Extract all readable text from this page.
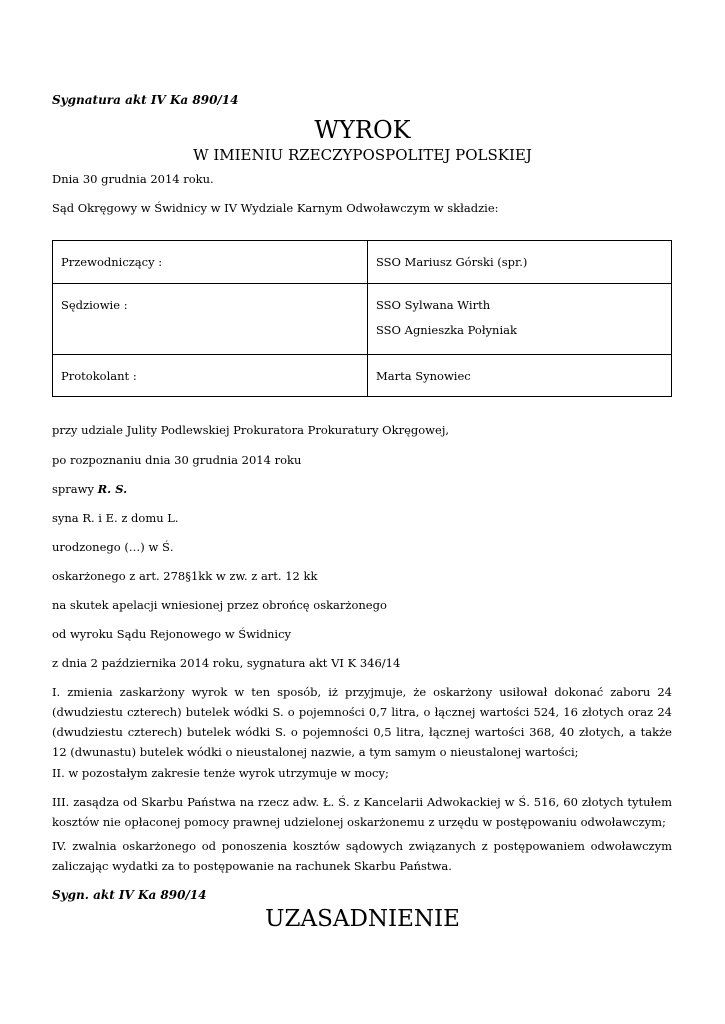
Sygnatura akt IV Ka 890/14
WYROK
W IMIENIU RZECZYPOSPOLITEJ POLSKIEJ
Dnia 30 grudnia 2014 roku.
Sąd Okręgowy w Świdnicy w IV Wydziale Karnym Odwoławczym w składzie:
Przewodniczący :	SSO Mariusz Górski (spr.)

Sędziowie :	SSO Sylwana Wirth
SSO Agnieszka Połyniak

Protokolant :	Marta Synowiec
przy udziale Julity Podlewskiej Prokuratora Prokuratury Okręgowej,
po rozpoznaniu dnia 30 grudnia 2014 roku
sprawy R. S.
syna R. i E. z domu L.
urodzonego (…) w Ś.
oskarżonego z art. 278§1kk w zw. z art. 12 kk
na skutek apelacji wniesionej przez obrońcę oskarżonego
od wyroku Sądu Rejonowego w Świdnicy
z dnia 2 października 2014 roku, sygnatura akt VI K 346/14
I. zmienia zaskarżony wyrok w ten sposób, iż przyjmuje, że oskarżony usiłował dokonać zaboru 24 (dwudziestu czterech) butelek wódki S. o pojemności 0,7 litra, o łącznej wartości 524, 16 złotych oraz 24 (dwudziestu czterech) butelek wódki S. o pojemności 0,5 litra, łącznej wartości 368, 40 złotych, a także 12 (dwunastu) butelek wódki o nieustalonej nazwie, a tym samym o nieustalonej wartości;
II. w pozostałym zakresie tenże wyrok utrzymuje w mocy;
III. zasądza od Skarbu Państwa na rzecz adw. Ł. Ś. z Kancelarii Adwokackiej w Ś. 516, 60 złotych tytułem kosztów nie opłaconej pomocy prawnej udzielonej oskarżonemu z urzędu w postępowaniu odwoławczym;
IV. zwalnia oskarżonego od ponoszenia kosztów sądowych związanych z postępowaniem odwoławczym zaliczając wydatki za to postępowanie na rachunek Skarbu Państwa.
Sygn. akt IV Ka 890/14
UZASADNIENIE
